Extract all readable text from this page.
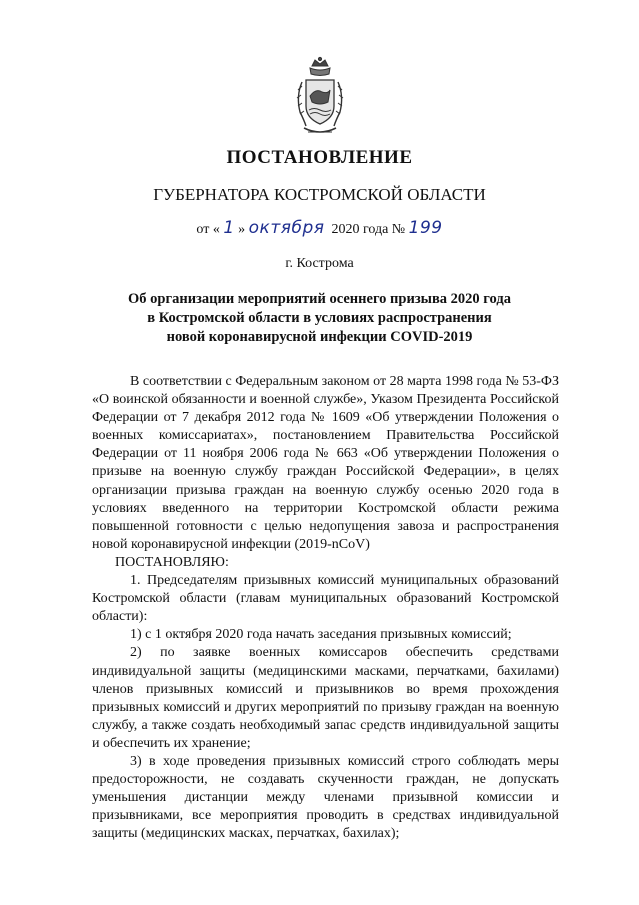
ПОСТАНОВЛЕНИЕ
ГУБЕРНАТОРА КОСТРОМСКОЙ ОБЛАСТИ
от « 1 » октября 2020 года № 199
г. Кострома
Об организации мероприятий осеннего призыва 2020 года
в Костромской области в условиях распространения
новой коронавирусной инфекции COVID-2019

В соответствии с Федеральным законом от 28 марта 1998 года № 53-ФЗ «О воинской обязанности и военной службе», Указом Президента Российской Федерации от 7 декабря 2012 года № 1609 «Об утверждении Положения о военных комиссариатах», постановлением Правительства Российской Федерации от 11 ноября 2006 года № 663 «Об утверждении Положения о призыве на военную службу граждан Российской Федерации», в целях организации призыва граждан на военную службу осенью 2020 года в условиях введенного на территории Костромской области режима повышенной готовности с целью недопущения завоза и распространения новой коронавирусной инфекции (2019-nCoV)

ПОСТАНОВЛЯЮ:

1. Председателям призывных комиссий муниципальных образований Костромской области (главам муниципальных образований Костромской области):

1) с 1 октября 2020 года начать заседания призывных комиссий;

2) по заявке военных комиссаров обеспечить средствами индивидуальной защиты (медицинскими масками, перчатками, бахилами) членов призывных комиссий и призывников во время прохождения призывных комиссий и других мероприятий по призыву граждан на военную службу, а также создать необходимый запас средств индивидуальной защиты и обеспечить их хранение;

3) в ходе проведения призывных комиссий строго соблюдать меры предосторожности, не создавать скученности граждан, не допускать уменьшения дистанции между членами призывной комиссии и призывниками, все мероприятия проводить в средствах индивидуальной защиты (медицинских масках, перчатках, бахилах);
